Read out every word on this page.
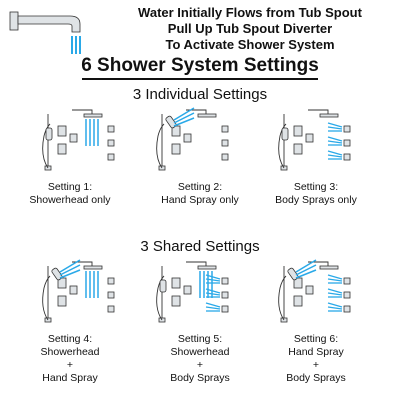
Water Initially Flows from Tub Spout
Pull Up Tub Spout Diverter
To Activate Shower System
6 Shower System Settings
3 Individual Settings
Setting 1:
Showerhead only
Setting 2:
Hand Spray only
Setting 3:
Body Sprays only
3 Shared Settings
Setting 4:
Showerhead
+
Hand Spray
Setting 5:
Showerhead
+
Body Sprays
Setting 6:
Hand Spray
+
Body Sprays
